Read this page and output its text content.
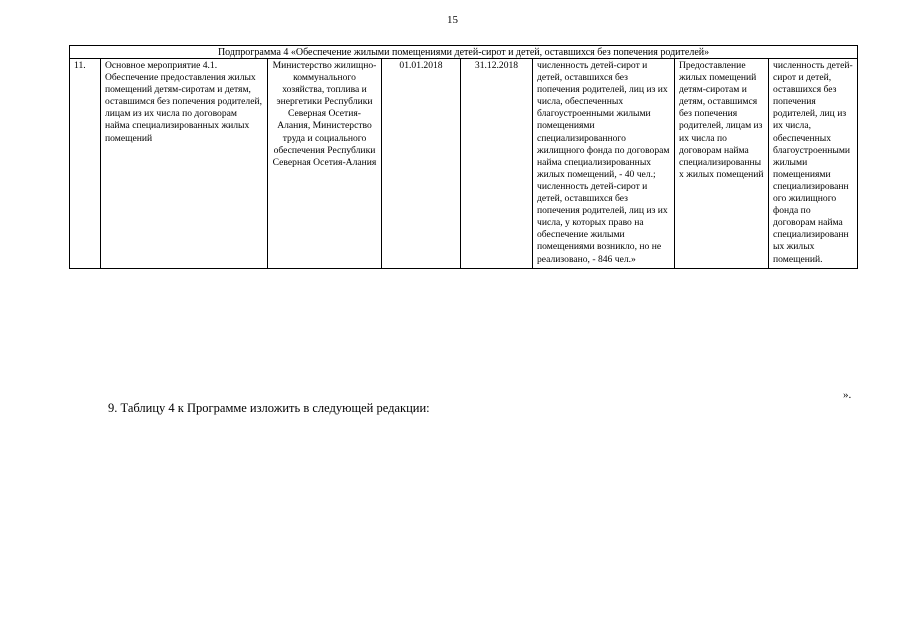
15
Подпрограмма 4 «Обеспечение жилыми помещениями детей-сирот и детей, оставшихся без попечения родителей»
11.	Основное мероприятие 4.1. Обеспечение предоставления жилых помещений детям-сиротам и детям, оставшимся без попечения родителей, лицам из их числа по договорам найма специализированных жилых помещений	Министерство жилищно-коммунального хозяйства, топлива и энергетики Республики Северная Осетия-Алания, Министерство труда и социального обеспечения Республики Северная Осетия-Алания	01.01.2018	31.12.2018	численность детей-сирот и детей, оставшихся без попечения родителей, лиц из их числа, обеспеченных благоустроенными жилыми помещениями специализированного жилищного фонда по договорам найма специализированных жилых помещений, - 40 чел.; численность детей-сирот и детей, оставшихся без попечения родителей, лиц из их числа, у которых право на обеспечение жилыми помещениями возникло, но не реализовано, - 846 чел.»	Предоставление жилых помещений детям-сиротам и детям, оставшимся без попечения родителей, лицам из их числа по договорам найма специализированных жилых помещений	численность детей-сирот и детей, оставшихся без попечения родителей, лиц из их числа, обеспеченных благоустроенными жилыми помещениями специализированного жилищного фонда по договорам найма специализированных жилых помещений.
».
9. Таблицу 4 к Программе изложить в следующей редакции:
